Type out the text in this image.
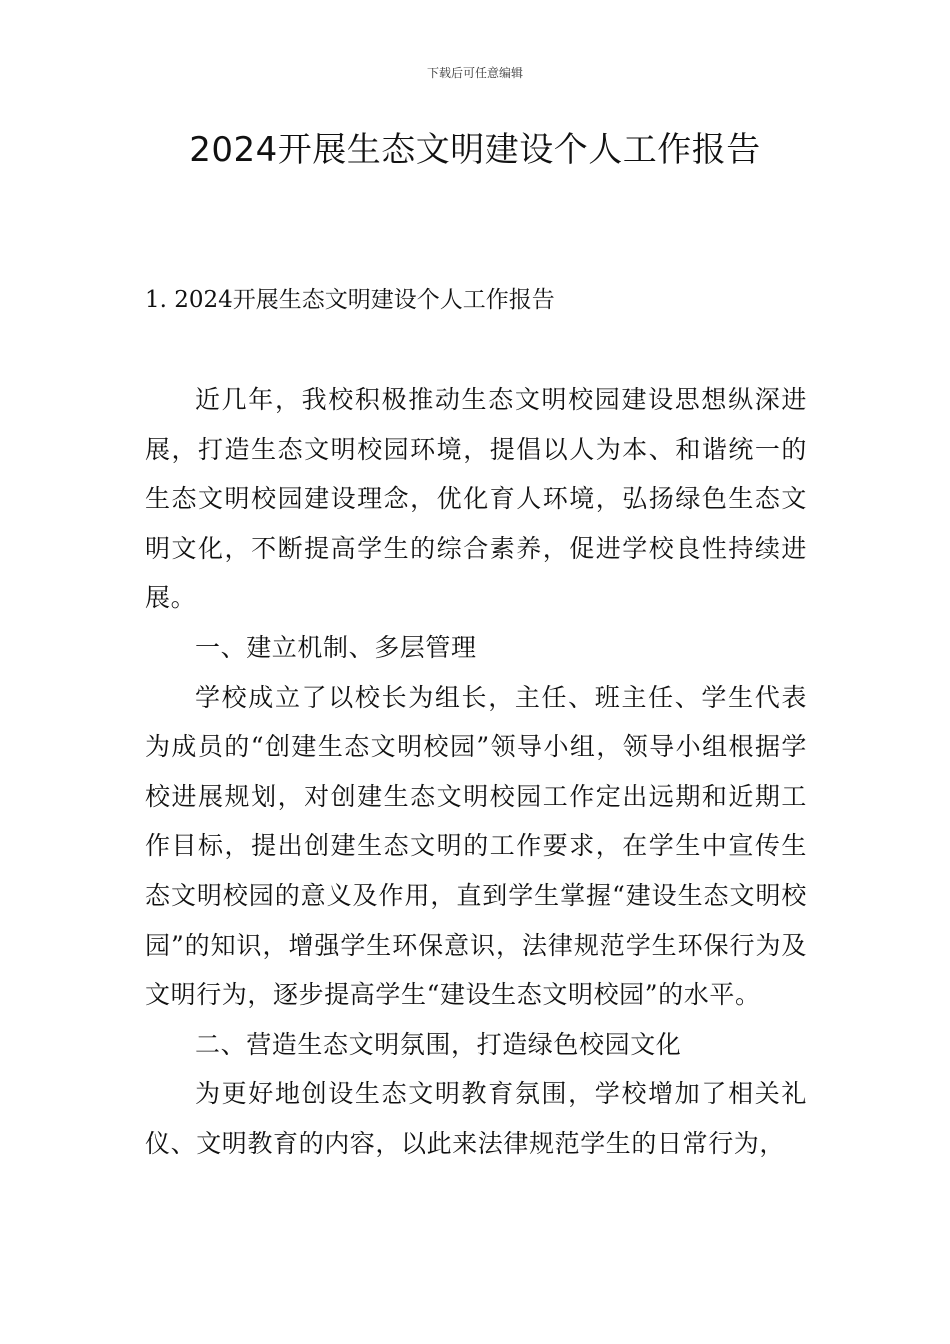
下载后可任意编辑
2024开展生态文明建设个人工作报告
1. 2024开展生态文明建设个人工作报告

近几年，我校积极推动生态文明校园建设思想纵深进展，打造生态文明校园环境，提倡以人为本、和谐统一的生态文明校园建设理念，优化育人环境，弘扬绿色生态文明文化，不断提高学生的综合素养，促进学校良性持续进展。

一、建立机制、多层管理

学校成立了以校长为组长，主任、班主任、学生代表为成员的“创建生态文明校园”领导小组，领导小组根据学校进展规划，对创建生态文明校园工作定出远期和近期工作目标，提出创建生态文明的工作要求，在学生中宣传生态文明校园的意义及作用，直到学生掌握“建设生态文明校园”的知识，增强学生环保意识，法律规范学生环保行为及文明行为，逐步提高学生“建设生态文明校园”的水平。

二、营造生态文明氛围，打造绿色校园文化

为更好地创设生态文明教育氛围，学校增加了相关礼仪、文明教育的内容，以此来法律规范学生的日常行为，
